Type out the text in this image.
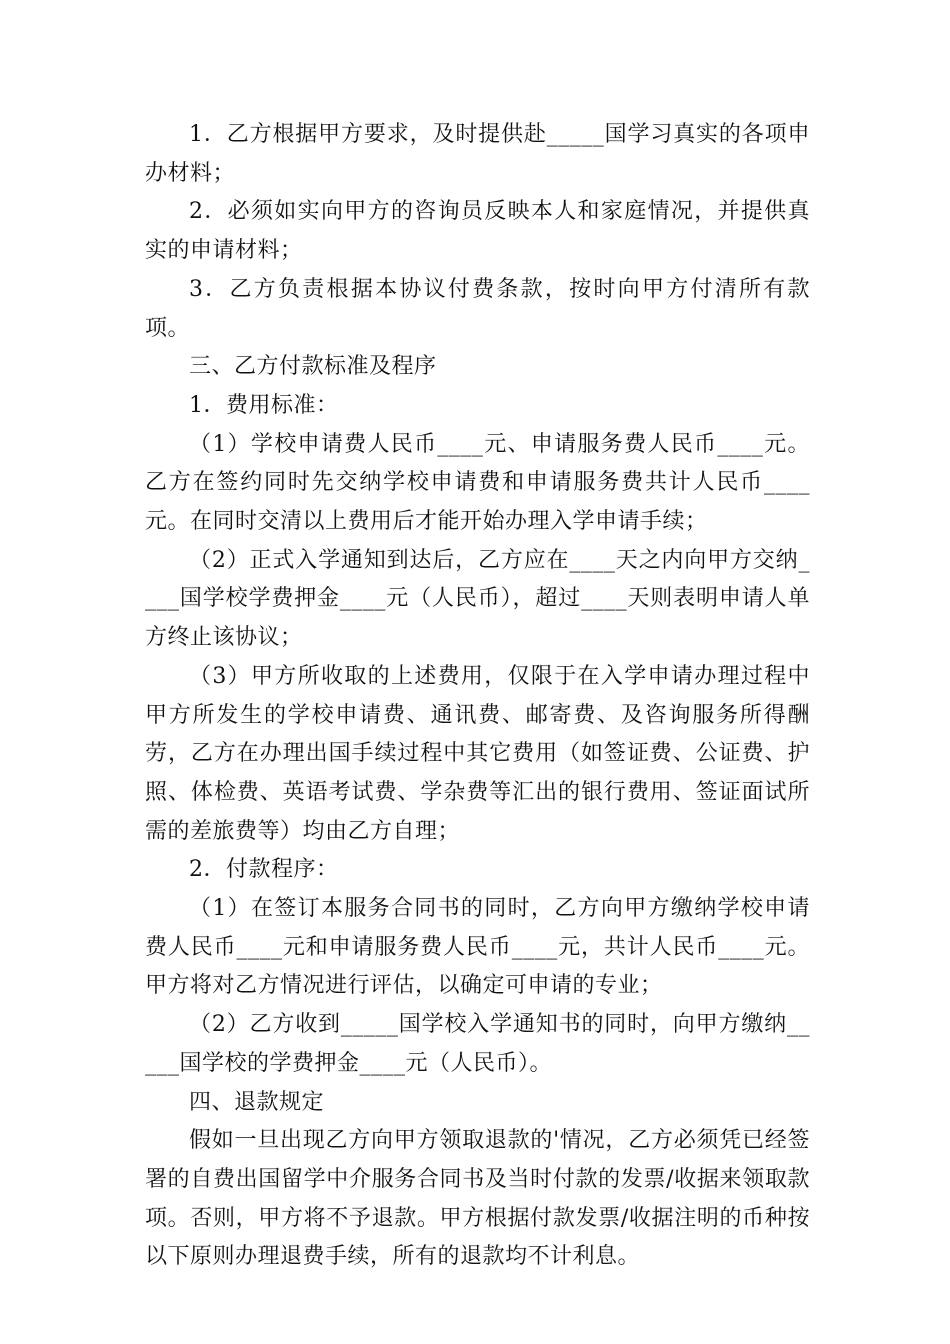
1．乙方根据甲方要求，及时提供赴_____国学习真实的各项申办材料；

2．必须如实向甲方的咨询员反映本人和家庭情况，并提供真实的申请材料；

3．乙方负责根据本协议付费条款，按时向甲方付清所有款项。

三、乙方付款标准及程序

1．费用标准：

（1）学校申请费人民币____元、申请服务费人民币____元。乙方在签约同时先交纳学校申请费和申请服务费共计人民币____元。在同时交清以上费用后才能开始办理入学申请手续；

（2）正式入学通知到达后，乙方应在____天之内向甲方交纳____国学校学费押金____元（人民币），超过____天则表明申请人单方终止该协议；

（3）甲方所收取的上述费用，仅限于在入学申请办理过程中甲方所发生的学校申请费、通讯费、邮寄费、及咨询服务所得酬劳，乙方在办理出国手续过程中其它费用（如签证费、公证费、护照、体检费、英语考试费、学杂费等汇出的银行费用、签证面试所需的差旅费等）均由乙方自理；

2．付款程序：

（1）在签订本服务合同书的同时，乙方向甲方缴纳学校申请费人民币____元和申请服务费人民币____元，共计人民币____元。甲方将对乙方情况进行评估，以确定可申请的专业；

（2）乙方收到_____国学校入学通知书的同时，向甲方缴纳_____国学校的学费押金____元（人民币）。

四、退款规定

假如一旦出现乙方向甲方领取退款的'情况，乙方必须凭已经签署的自费出国留学中介服务合同书及当时付款的发票/收据来领取款项。否则，甲方将不予退款。甲方根据付款发票/收据注明的币种按以下原则办理退费手续，所有的退款均不计利息。
